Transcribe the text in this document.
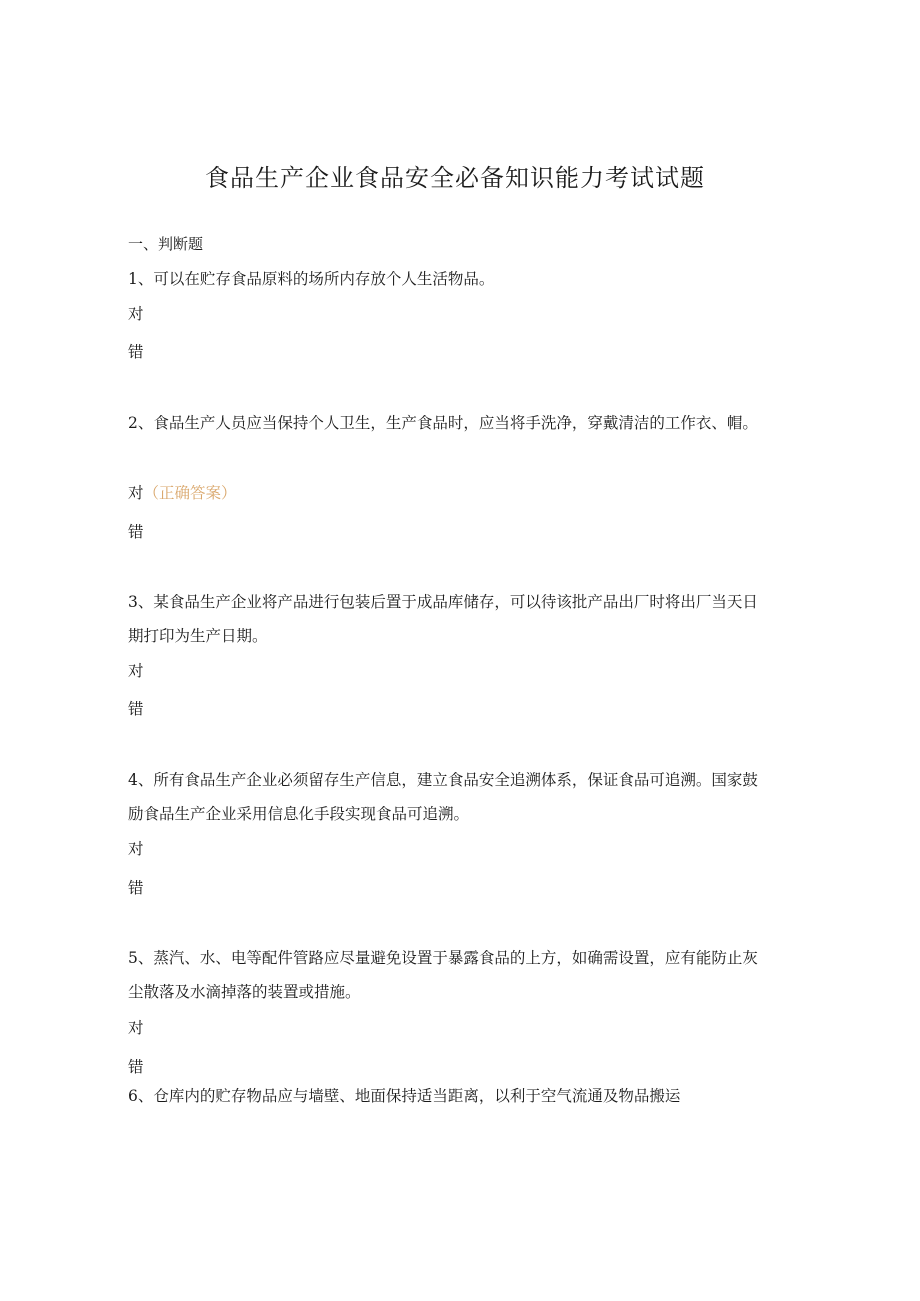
食品生产企业食品安全必备知识能力考试试题
一、判断题
1、可以在贮存食品原料的场所内存放个人生活物品。
对
错
2、食品生产人员应当保持个人卫生，生产食品时，应当将手洗净，穿戴清洁的工作衣、帽。
对（正确答案）
错
3、某食品生产企业将产品进行包装后置于成品库储存，可以待该批产品出厂时将出厂当天日期打印为生产日期。
对
错
4、所有食品生产企业必须留存生产信息，建立食品安全追溯体系，保证食品可追溯。国家鼓励食品生产企业采用信息化手段实现食品可追溯。
对
错
5、蒸汽、水、电等配件管路应尽量避免设置于暴露食品的上方，如确需设置，应有能防止灰尘散落及水滴掉落的装置或措施。
对
错
6、仓库内的贮存物品应与墙壁、地面保持适当距离，以利于空气流通及物品搬运
